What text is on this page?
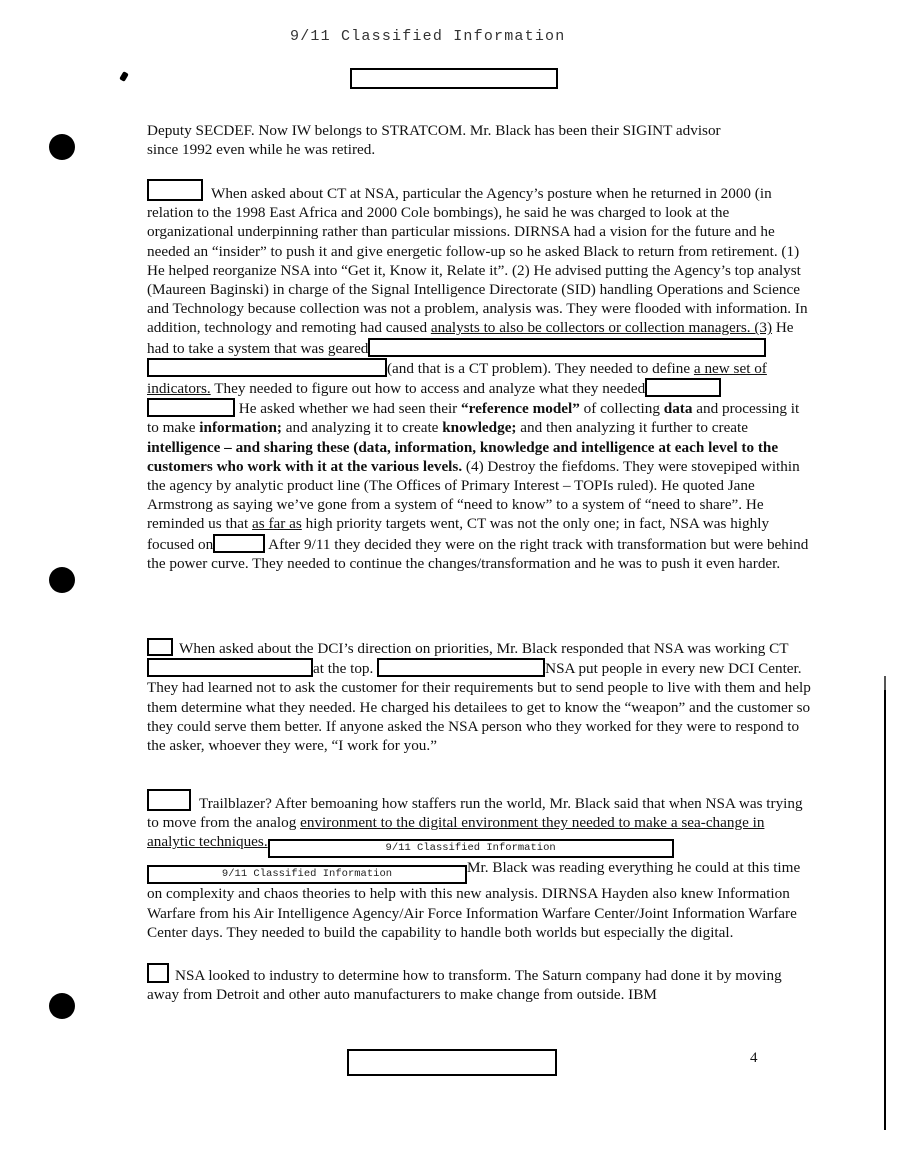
9/11 Classified Information
Deputy SECDEF. Now IW belongs to STRATCOM. Mr. Black has been their SIGINT advisor
since 1992 even while he was retired.
When asked about CT at NSA, particular the Agency’s posture when he returned in 2000 (in relation to the 1998 East Africa and 2000 Cole bombings), he said he was charged to look at the organizational underpinning rather than particular missions. DIRNSA had a vision for the future and he needed an “insider” to push it and give energetic follow-up so he asked Black to return from retirement. (1) He helped reorganize NSA into “Get it, Know it, Relate it”. (2) He advised putting the Agency’s top analyst (Maureen Baginski) in charge of the Signal Intelligence Directorate (SID) handling Operations and Science and Technology because collection was not a problem, analysis was. They were flooded with information. In addition, technology and remoting had caused analysts to also be collectors or collection managers. (3) He had to take a system that was geared (and that is a CT problem). They needed to define a new set of indicators. They needed to figure out how to access and analyze what they needed  He asked whether we had seen their “reference model” of collecting data and processing it to make information; and analyzing it to create knowledge; and then analyzing it further to create intelligence – and sharing these (data, information, knowledge and intelligence at each level to the customers who work with it at the various levels. (4) Destroy the fiefdoms. They were stovepiped within the agency by analytic product line (The Offices of Primary Interest – TOPIs ruled). He quoted Jane Armstrong as saying we’ve gone from a system of “need to know” to a system of “need to share”. He reminded us that as far as high priority targets went, CT was not the only one; in fact, NSA was highly focused on	After 9/11 they decided they were on the right track with transformation but were behind the power curve. They needed to continue the changes/transformation and he was to push it even harder.
When asked about the DCI’s direction on priorities, Mr. Black responded that NSA was working CTat the top.	NSA put people in every new DCI Center. They had learned not to ask the customer for their requirements but to send people to live with them and help them determine what they needed. He charged his detailees to get to know the “weapon” and the customer so they could serve them better. If anyone asked the NSA person who they worked for they were to respond to the asker, whoever they were, “I work for you.”
Trailblazer? After bemoaning how staffers run the world, Mr. Black said that when NSA was trying to move from the analog environment to the digital environment they needed to make a sea-change in analytic techniques.	9/11 Classified Information 9/11 Classified Information	Mr. Black was reading everything he could at this time on complexity and chaos theories to help with this new analysis. DIRNSA Hayden also knew Information Warfare from his Air Intelligence Agency/Air Force Information Warfare Center/Joint Information Warfare Center days. They needed to build the capability to handle both worlds but especially the digital.
NSA looked to industry to determine how to transform. The Saturn company had done it by moving away from Detroit and other auto manufacturers to make change from outside. IBM
4
